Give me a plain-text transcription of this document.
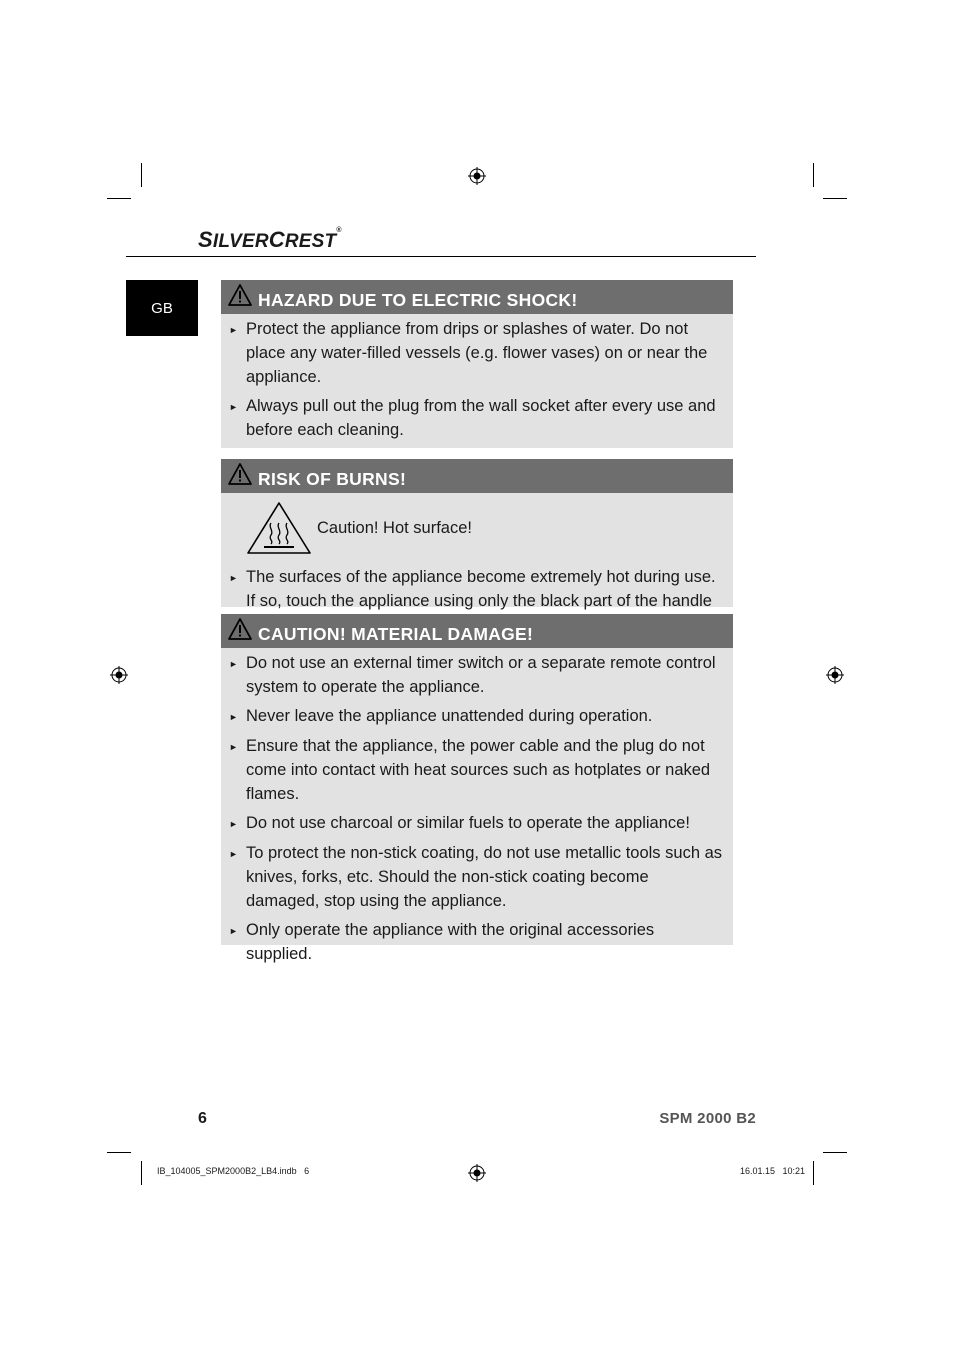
SILVERCREST®
GB	HAZARD DUE TO ELECTRIC SHOCK!
► Protect the appliance from drips or splashes of water. Do not place any water-filled vessels (e.g. flower vases) on or near the appliance.
► Always pull out the plug from the wall socket after every use and before each cleaning.
RISK OF BURNS!
Caution! Hot surface!
► The surfaces of the appliance become extremely hot during use. If so, touch the appliance using only the black part of the handle
CAUTION! MATERIAL DAMAGE!
► Do not use an external timer switch or a separate remote control system to operate the appliance.
► Never leave the appliance unattended during operation.
► Ensure that the appliance, the power cable and the plug do not come into contact with heat sources such as hotplates or naked flames.
► Do not use charcoal or similar fuels to operate the appliance!
► To protect the non-stick coating, do not use metallic tools such as knives, forks, etc. Should the non-stick coating become damaged, stop using the appliance.
► Only operate the appliance with the original accessories supplied.
6	SPM 2000 B2
IB_104005_SPM2000B2_LB4.indb   6	16.01.15   10:21
